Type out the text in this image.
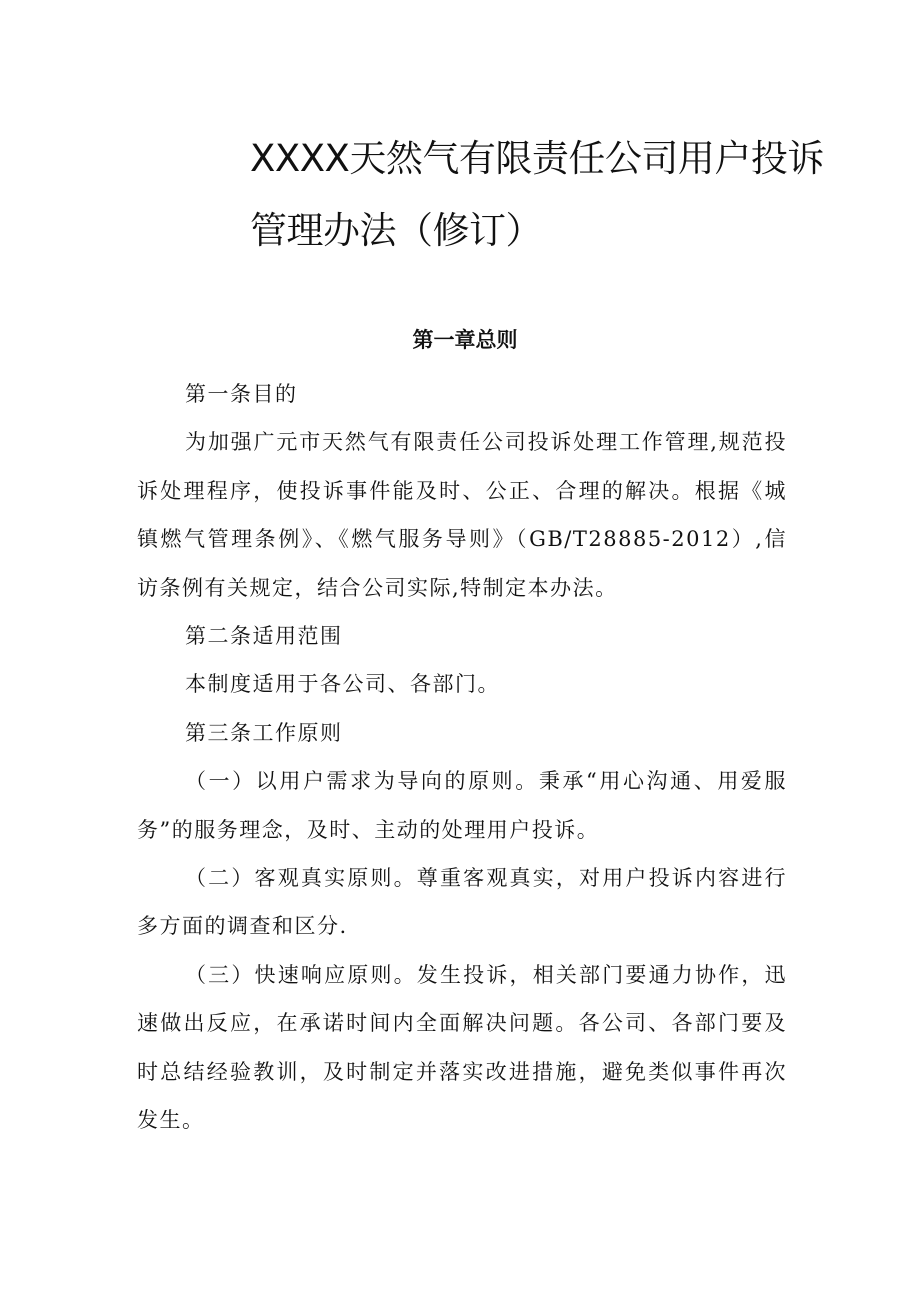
XXXX天然气有限责任公司用户投诉
管理办法（修订）
第一章总则

第一条目的

为加强广元市天然气有限责任公司投诉处理工作管理,规范投诉处理程序，使投诉事件能及时、公正、合理的解决。根据《城镇燃气管理条例》、《燃气服务导则》（GB/T28885-2012）,信访条例有关规定，结合公司实际,特制定本办法。

第二条适用范围

本制度适用于各公司、各部门。

第三条工作原则

（一）以用户需求为导向的原则。秉承“用心沟通、用爱服务”的服务理念，及时、主动的处理用户投诉。

（二）客观真实原则。尊重客观真实，对用户投诉内容进行多方面的调查和区分.

（三）快速响应原则。发生投诉，相关部门要通力协作，迅速做出反应，在承诺时间内全面解决问题。各公司、各部门要及时总结经验教训，及时制定并落实改进措施，避免类似事件再次发生。
